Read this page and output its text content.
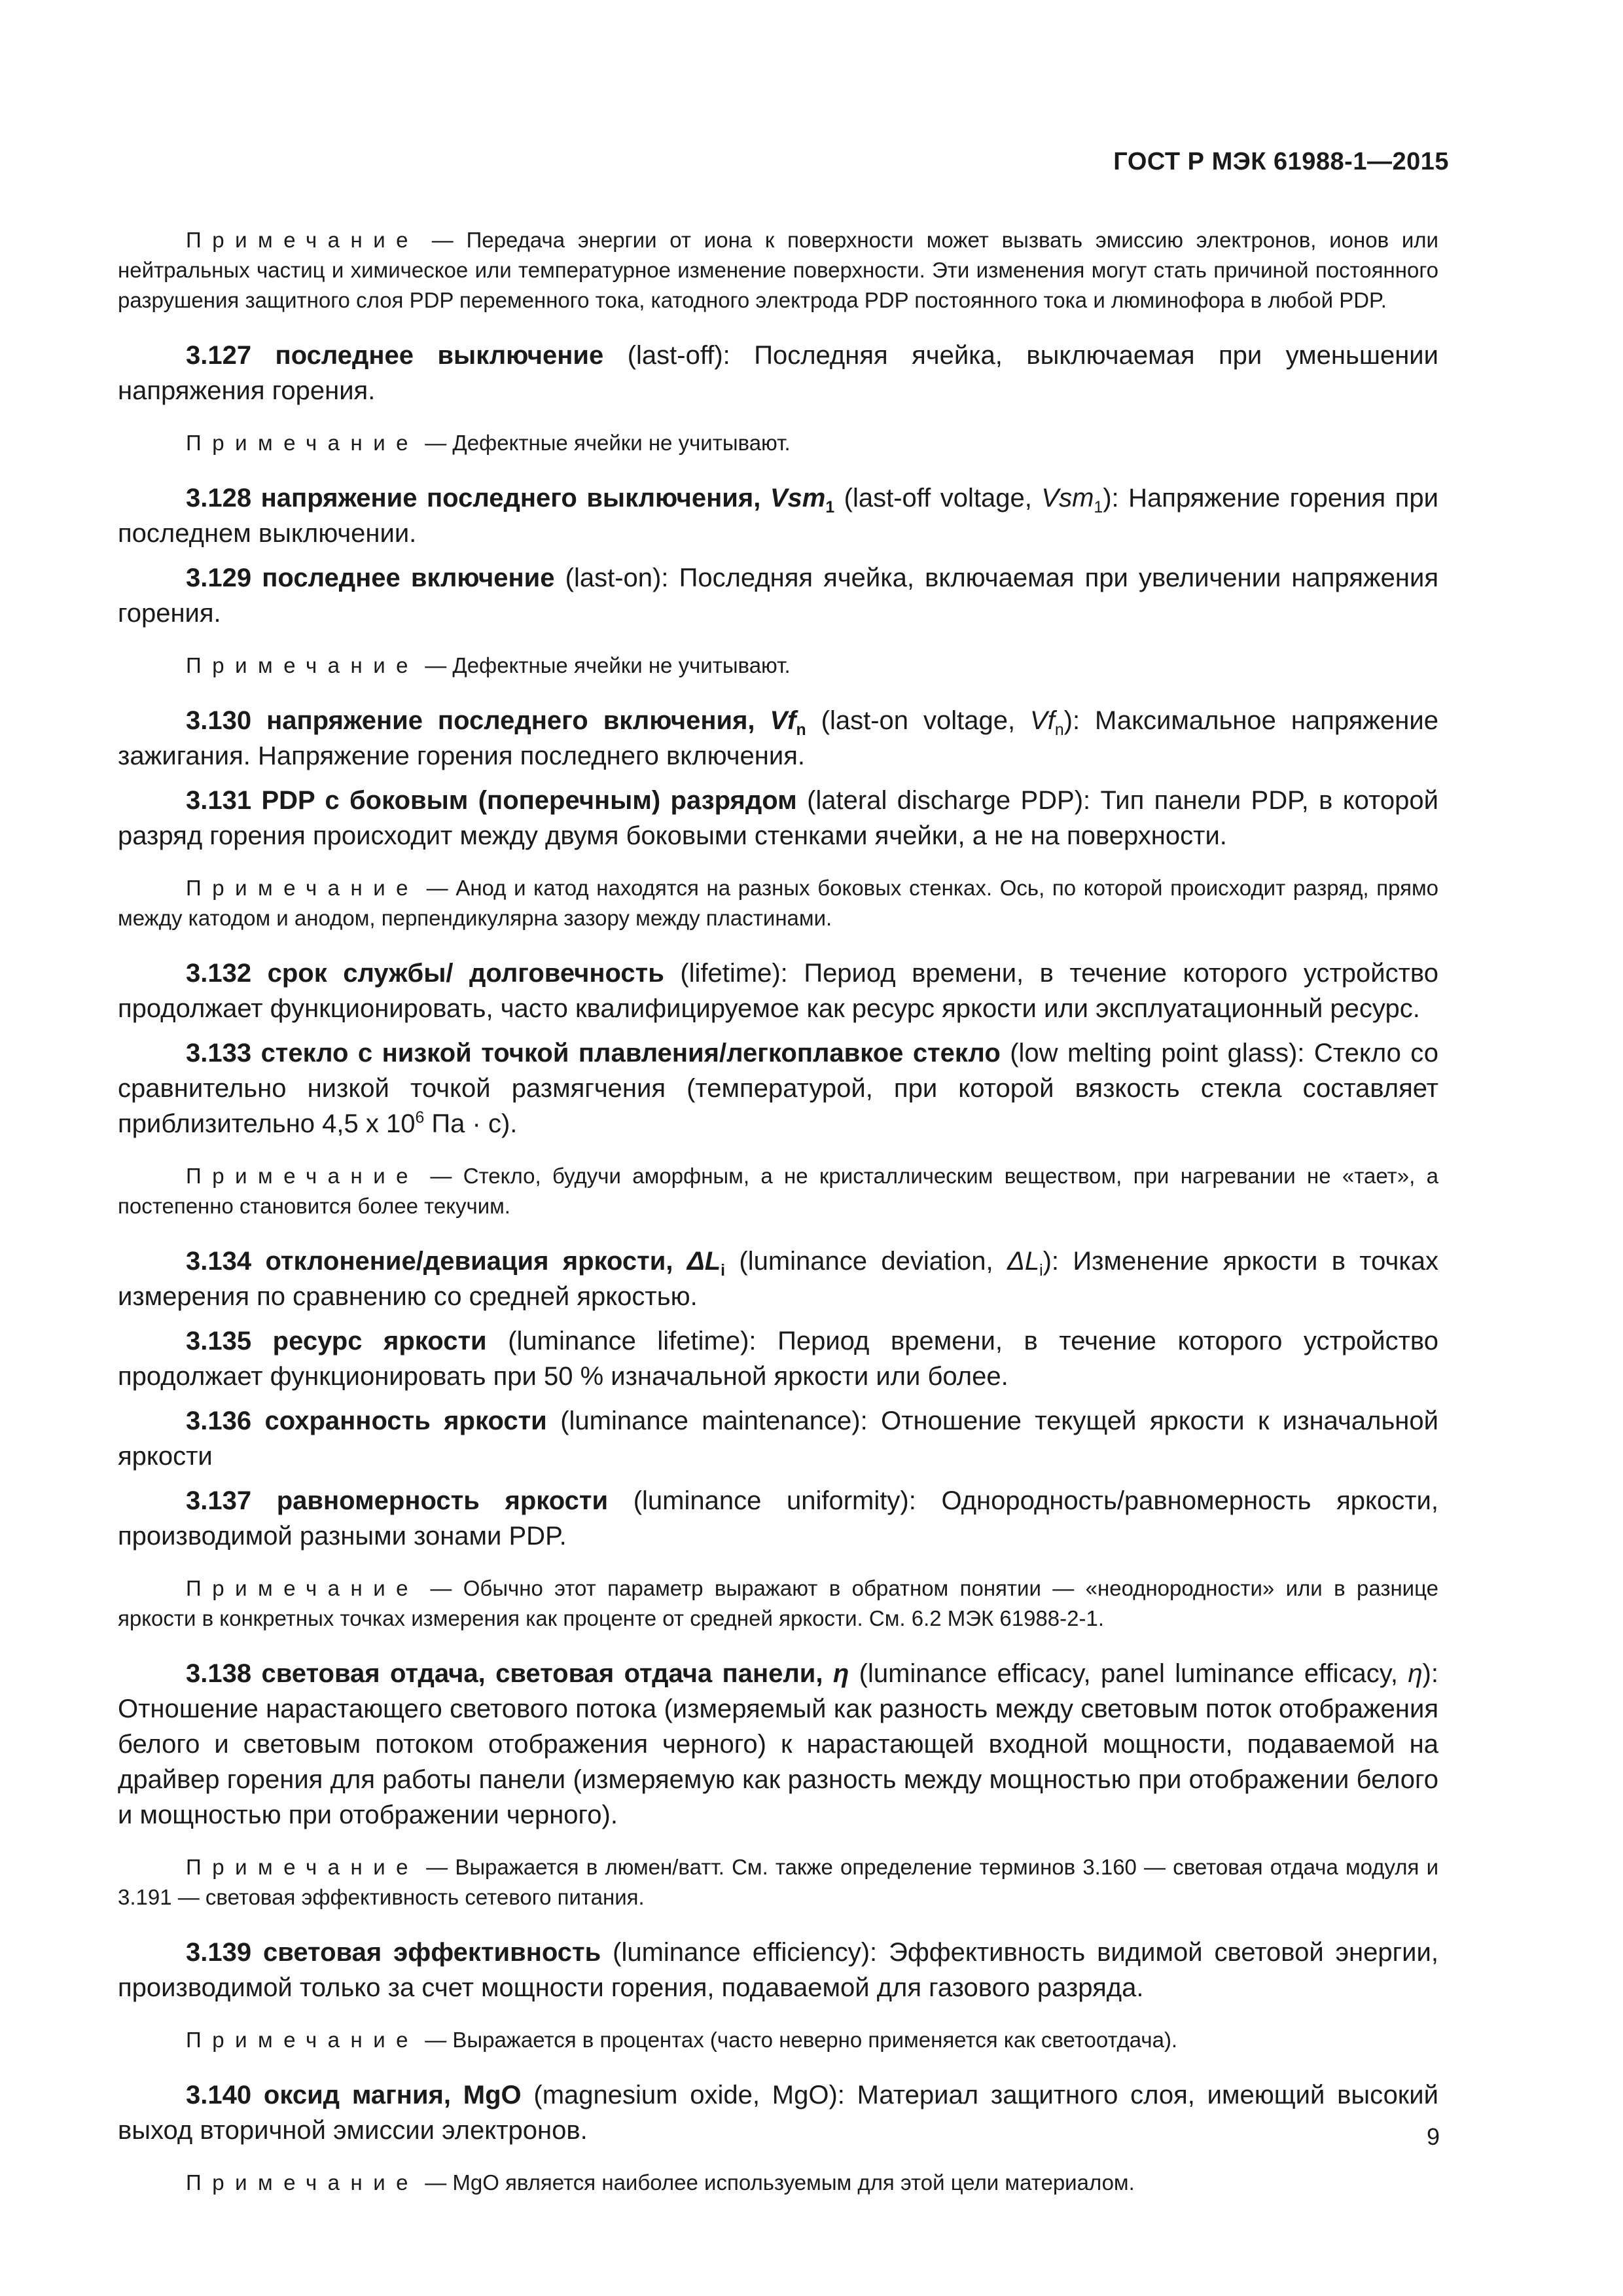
ГОСТ Р МЭК 61988-1—2015

Примечание — Передача энергии от иона к поверхности может вызвать эмиссию электронов, ионов или нейтральных частиц и химическое или температурное изменение поверхности. Эти изменения могут стать причиной постоянного разрушения защитного слоя PDP переменного тока, катодного электрода PDP постоянного тока и люминофора в любой PDP.

3.127 последнее выключение (last-off): Последняя ячейка, выключаемая при уменьшении напряжения горения.

Примечание — Дефектные ячейки не учитывают.

3.128 напряжение последнего выключения, Vsm$_1$ (last-off voltage, Vsm$_1$): Напряжение горения при последнем выключении.

3.129 последнее включение (last-on): Последняя ячейка, включаемая при увеличении напряжения горения.

Примечание — Дефектные ячейки не учитывают.

3.130 напряжение последнего включения, $Vf_n$ (last-on voltage, $Vf_n$): Максимальное напряжение зажигания. Напряжение горения последнего включения.

3.131 PDP с боковым (поперечным) разрядом (lateral discharge PDP): Тип панели PDP, в которой разряд горения происходит между двумя боковыми стенками ячейки, а не на поверхности.

Примечание — Анод и катод находятся на разных боковых стенках. Ось, по которой происходит разряд, прямо между катодом и анодом, перпендикулярна зазору между пластинами.

3.132 срок службы/ долговечность (lifetime): Период времени, в течение которого устройство продолжает функционировать, часто квалифицируемое как ресурс яркости или эксплуатационный ресурс.

3.133 стекло с низкой точкой плавления/легкоплавкое стекло (low melting point glass): Стекло со сравнительно низкой точкой размягчения (температурой, при которой вязкость стекла составляет приблизительно 4,5 х $10^6$ Па · с).

Примечание — Стекло, будучи аморфным, а не кристаллическим веществом, при нагревании не «тает», а постепенно становится более текучим.

3.134 отклонение/девиация яркости, $\Delta L_i$ (luminance deviation, $\Delta L_i$): Изменение яркости в точках измерения по сравнению со средней яркостью.

3.135 ресурс яркости (luminance lifetime): Период времени, в течение которого устройство продолжает функционировать при 50 % изначальной яркости или более.

3.136 сохранность яркости (luminance maintenance): Отношение текущей яркости к изначальной яркости

3.137 равномерность яркости (luminance uniformity): Однородность/равномерность яркости, производимой разными зонами PDP.

Примечание — Обычно этот параметр выражают в обратном понятии — «неоднородности» или в разнице яркости в конкретных точках измерения как проценте от средней яркости. См. 6.2 МЭК 61988-2-1.

3.138 световая отдача, световая отдача панели, η (luminance efficacy, panel luminance efficacy, η): Отношение нарастающего светового потока (измеряемый как разность между световым поток отображения белого и световым потоком отображения черного) к нарастающей входной мощности, подаваемой на драйвер горения для работы панели (измеряемую как разность между мощностью при отображении белого и мощностью при отображении черного).

Примечание — Выражается в люмен/ватт. См. также определение терминов 3.160 — световая отдача модуля и 3.191 — световая эффективность сетевого питания.

3.139 световая эффективность (luminance efficiency): Эффективность видимой световой энергии, производимой только за счет мощности горения, подаваемой для газового разряда.

Примечание — Выражается в процентах (часто неверно применяется как светоотдача).

3.140 оксид магния, MgO (magnesium oxide, MgO): Материал защитного слоя, имеющий высокий выход вторичной эмиссии электронов.

Примечание — MgO является наиболее используемым для этой цели материалом.

9
